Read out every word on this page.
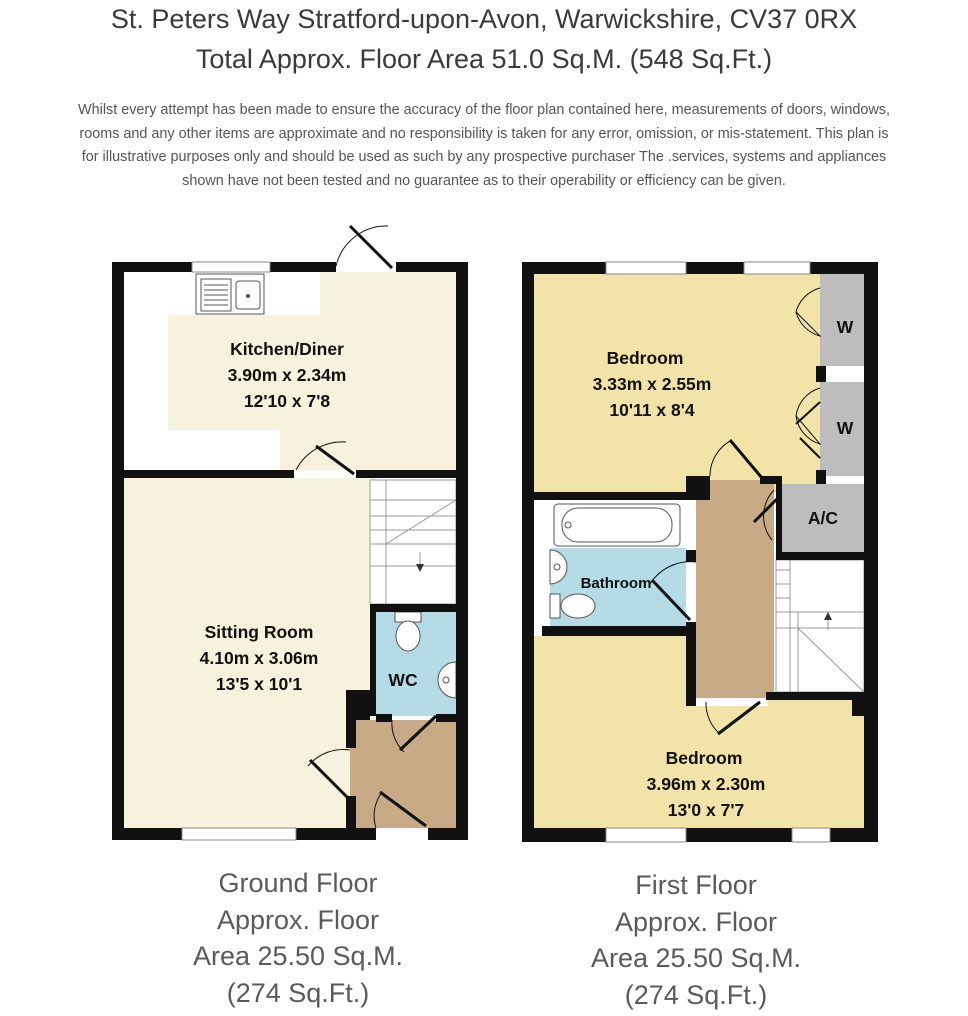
St. Peters Way Stratford-upon-Avon, Warwickshire, CV37 0RX
Total Approx. Floor Area 51.0 Sq.M. (548 Sq.Ft.)
Whilst every attempt has been made to ensure the accuracy of the floor plan contained here, measurements of doors, windows, rooms and any other items are approximate and no responsibility is taken for any error, omission, or mis-statement. This plan is for illustrative purposes only and should be used as such by any prospective purchaser The .services, systems and appliances shown have not been tested and no guarantee as to their operability or efficiency can be given.
Kitchen/Diner
3.90m x 2.34m
12'10 x 7'8
Sitting Room
4.10m x 3.06m
13'5 x 10'1	WC
Bedroom
3.33m x 2.55m
10'11 x 8'4
Bedroom
3.96m x 2.30m
13'0 x 7'7
Bathroom
W
W
A/C
Ground Floor
Approx. Floor
Area 25.50 Sq.M.
(274 Sq.Ft.)
First Floor
Approx. Floor
Area 25.50 Sq.M.
(274 Sq.Ft.)
